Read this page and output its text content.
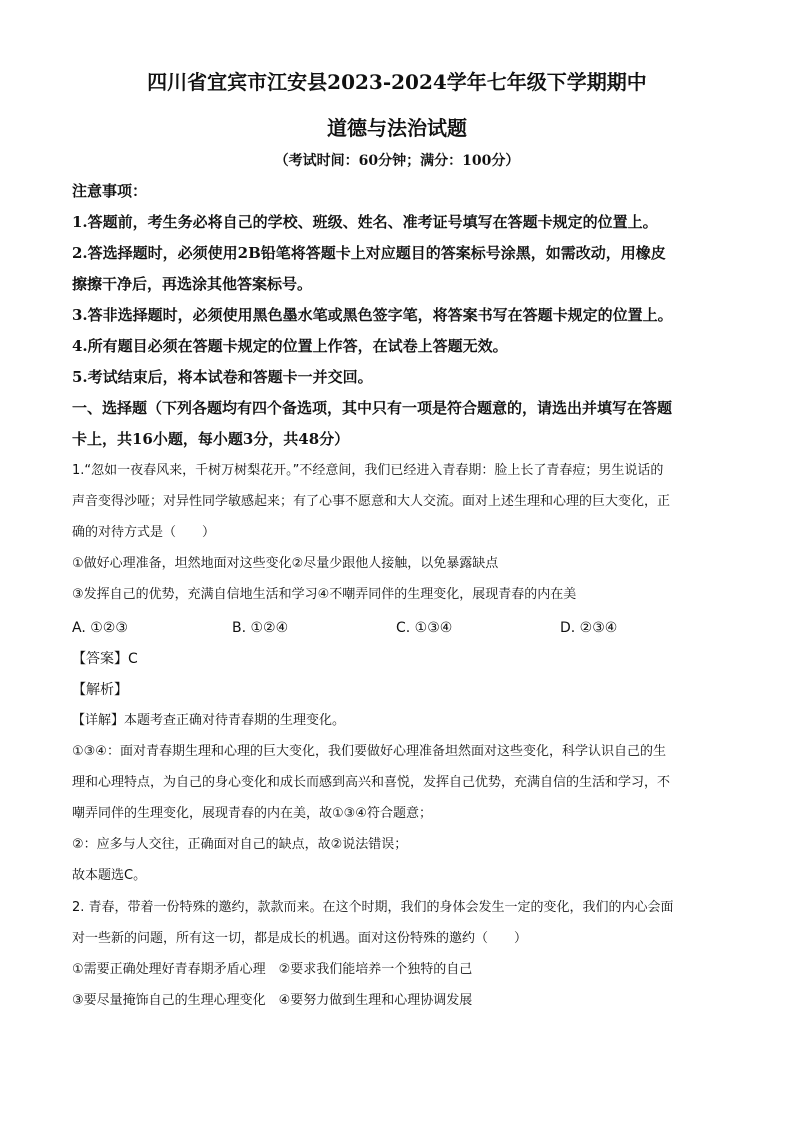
四川省宜宾市江安县2023-2024学年七年级下学期期中
道德与法治试题
（考试时间：60分钟；满分：100分）
注意事项：
1.答题前，考生务必将自己的学校、班级、姓名、准考证号填写在答题卡规定的位置上。
2.答选择题时，必须使用2B铅笔将答题卡上对应题目的答案标号涂黑，如需改动，用橡皮
擦擦干净后，再选涂其他答案标号。
3.答非选择题时，必须使用黑色墨水笔或黑色签字笔，将答案书写在答题卡规定的位置上。
4.所有题目必须在答题卡规定的位置上作答，在试卷上答题无效。
5.考试结束后，将本试卷和答题卡一并交回。
一、选择题（下列各题均有四个备选项，其中只有一项是符合题意的，请选出并填写在答题
卡上，共16小题，每小题3分，共48分）
1.“忽如一夜春风来，千树万树梨花开。”不经意间，我们已经进入青春期：脸上长了青春痘；男生说话的
声音变得沙哑；对异性同学敏感起来；有了心事不愿意和大人交流。面对上述生理和心理的巨大变化，正
确的对待方式是（　　）
①做好心理准备，坦然地面对这些变化②尽量少跟他人接触，以免暴露缺点
③发挥自己的优势，充满自信地生活和学习④不嘲弄同伴的生理变化，展现青春的内在美
A. ①②③	B. ①②④	C. ①③④	D. ②③④
【答案】C
【解析】
【详解】本题考查正确对待青春期的生理变化。
①③④：面对青春期生理和心理的巨大变化，我们要做好心理准备坦然面对这些变化，科学认识自己的生
理和心理特点，为自己的身心变化和成长而感到高兴和喜悦，发挥自己优势，充满自信的生活和学习，不
嘲弄同伴的生理变化，展现青春的内在美，故①③④符合题意；
②：应多与人交往，正确面对自己的缺点，故②说法错误；
故本题选C。
2. 青春，带着一份特殊的邀约，款款而来。在这个时期，我们的身体会发生一定的变化，我们的内心会面
对一些新的问题，所有这一切，都是成长的机遇。面对这份特殊的邀约（　　）
①需要正确处理好青春期矛盾心理　②要求我们能培养一个独特的自己
③要尽量掩饰自己的生理心理变化　④要努力做到生理和心理协调发展
